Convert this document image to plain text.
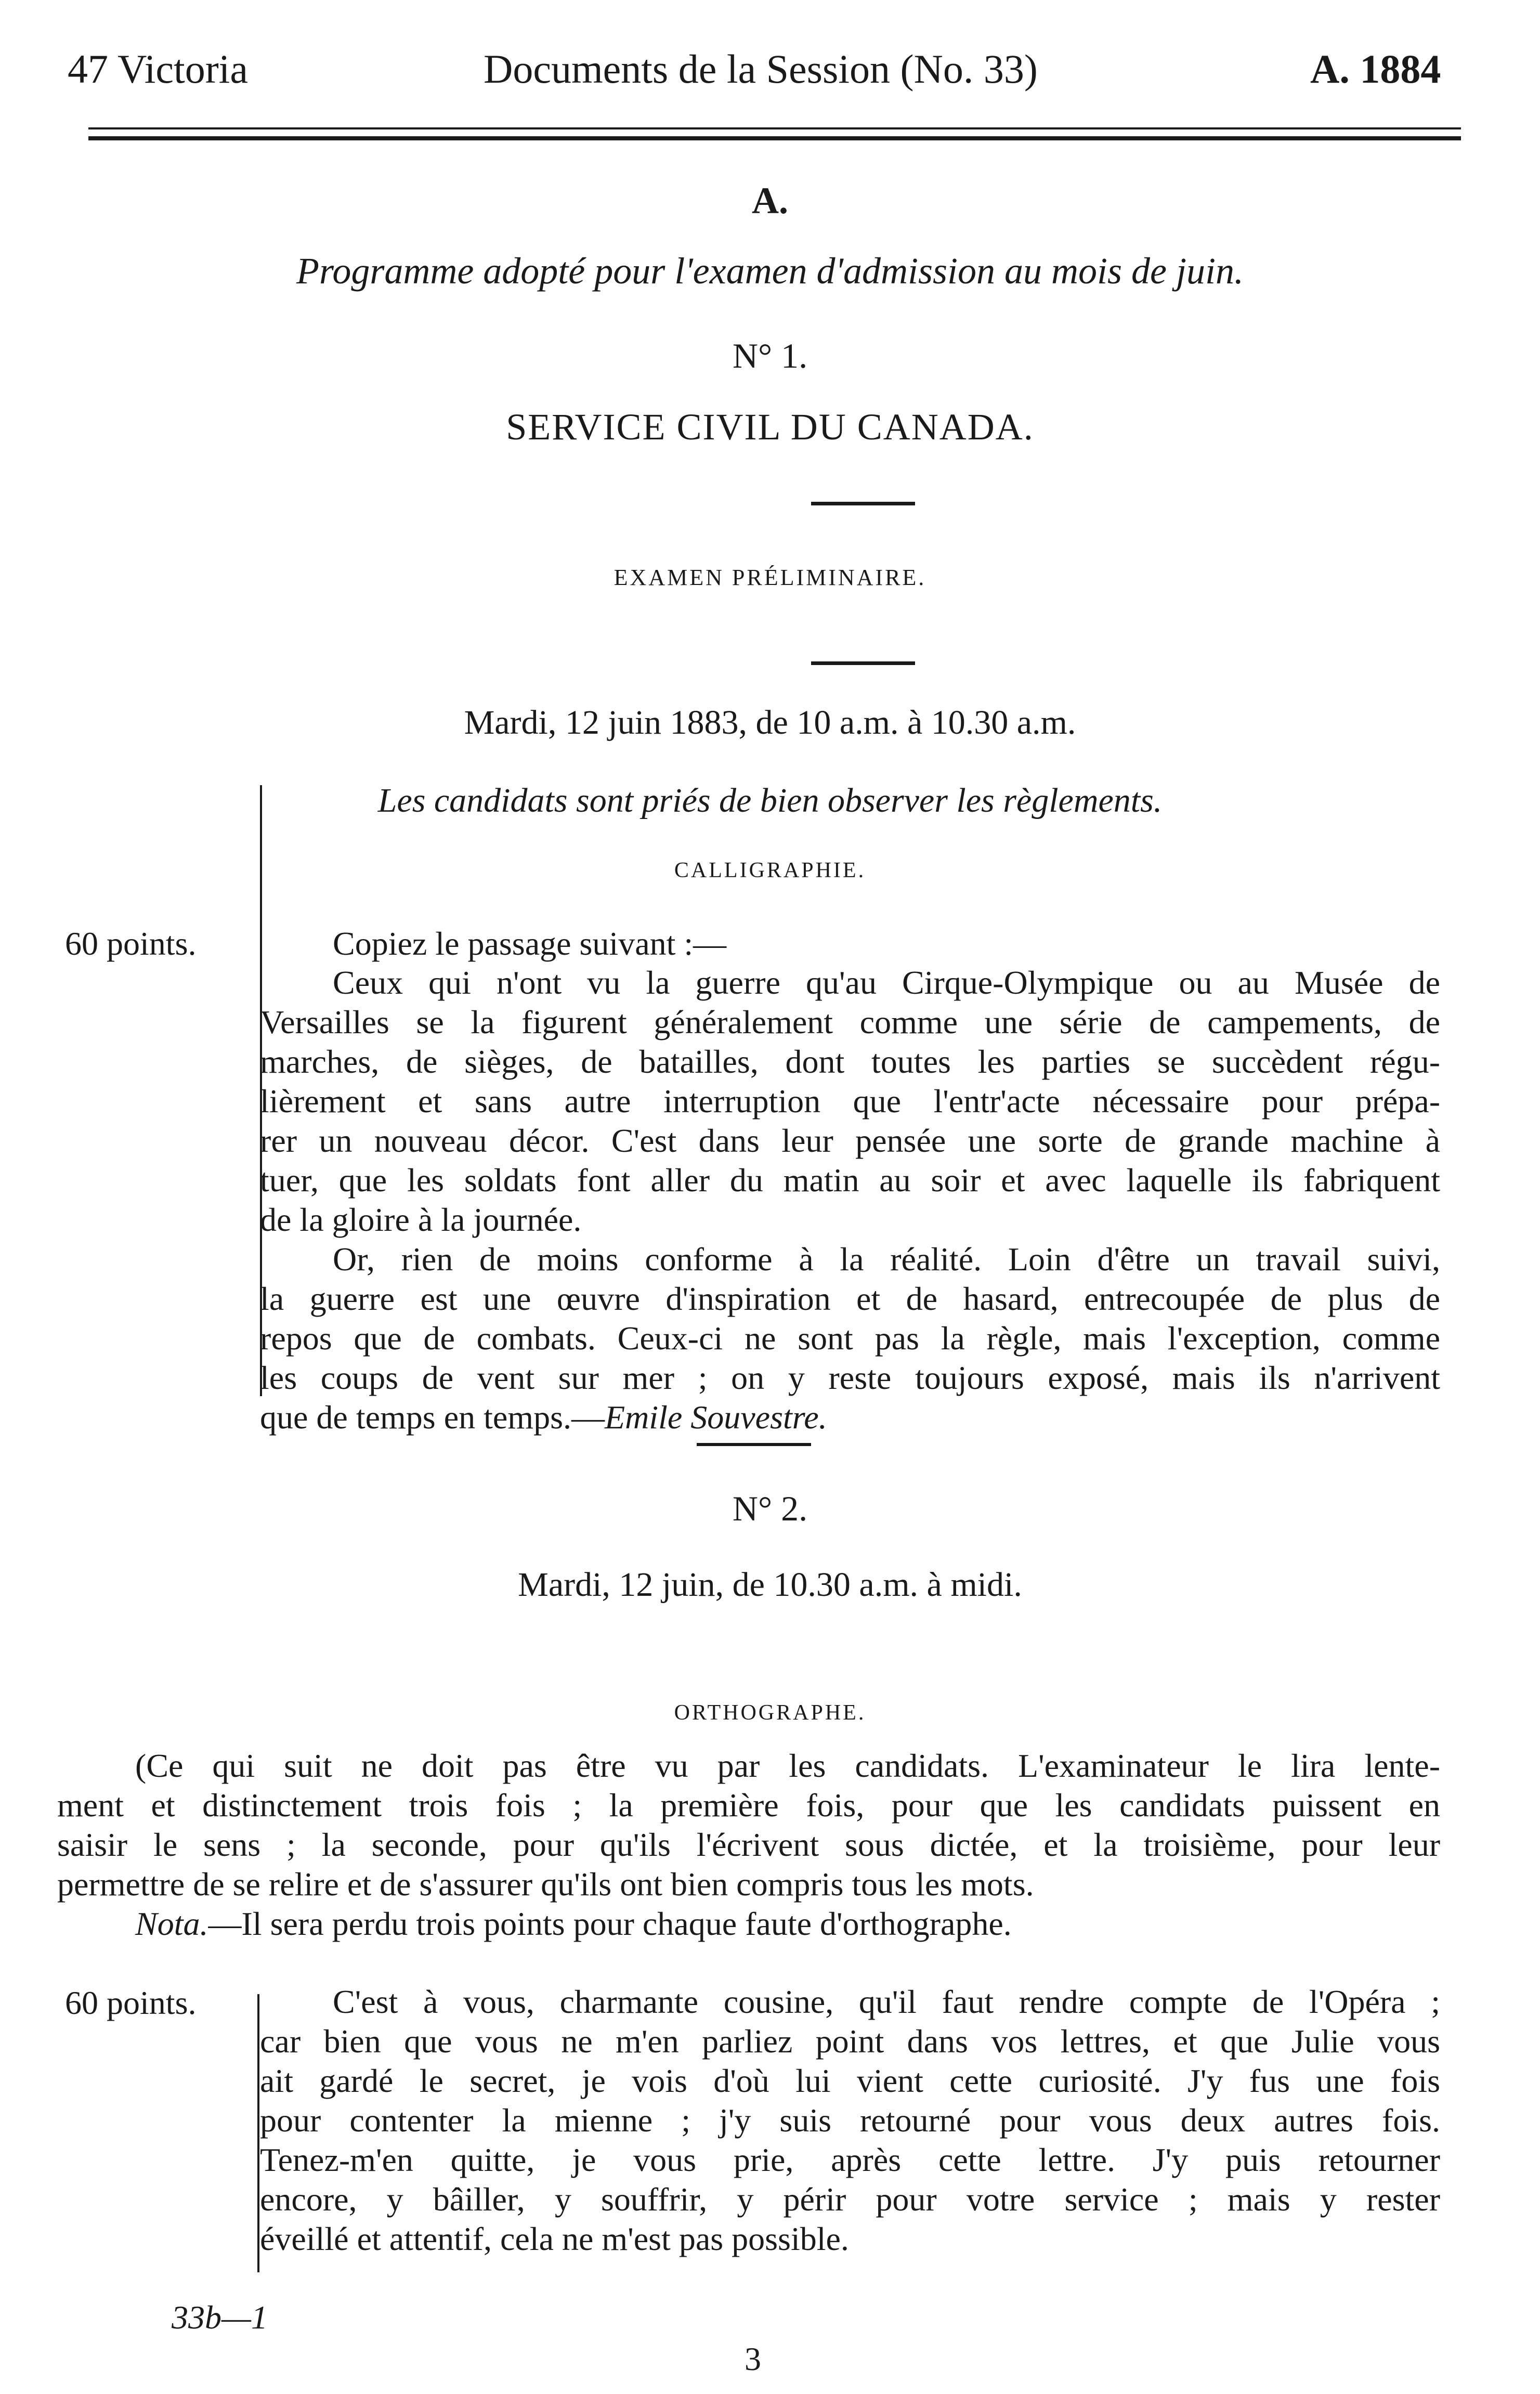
47 Victoria	Documents de la Session (No. 33)	A. 1884
A.
Programme adopté pour l'examen d'admission au mois de juin.
N° 1.
SERVICE CIVIL DU CANADA.
EXAMEN PRÉLIMINAIRE.
Mardi, 12 juin 1883, de 10 a.m. à 10.30 a.m.
Les candidats sont priés de bien observer les règlements.
CALLIGRAPHIE.
60 points.	Copiez le passage suivant :—

Ceux qui n'ont vu la guerre qu'au Cirque-Olympique ou au Musée de

Versailles se la figurent généralement comme une série de campements, de

marches, de sièges, de batailles, dont toutes les parties se succèdent régu-

lièrement et sans autre interruption que l'entr'acte nécessaire pour prépa-

rer un nouveau décor. C'est dans leur pensée une sorte de grande machine à

tuer, que les soldats font aller du matin au soir et avec laquelle ils fabriquent

de la gloire à la journée.

Or, rien de moins conforme à la réalité. Loin d'être un travail suivi,

la guerre est une œuvre d'inspiration et de hasard, entrecoupée de plus de

repos que de combats. Ceux-ci ne sont pas la règle, mais l'exception, comme

les coups de vent sur mer ; on y reste toujours exposé, mais ils n'arrivent

que de temps en temps.—Emile Souvestre.

N° 2.
Mardi, 12 juin, de 10.30 a.m. à midi.
ORTHOGRAPHE.

(Ce qui suit ne doit pas être vu par les candidats. L'examinateur le lira lente-

ment et distinctement trois fois ; la première fois, pour que les candidats puissent en

saisir le sens ; la seconde, pour qu'ils l'écrivent sous dictée, et la troisième, pour leur

permettre de se relire et de s'assurer qu'ils ont bien compris tous les mots.

Nota.—Il sera perdu trois points pour chaque faute d'orthographe.

60 points.	C'est à vous, charmante cousine, qu'il faut rendre compte de l'Opéra ;

car bien que vous ne m'en parliez point dans vos lettres, et que Julie vous

ait gardé le secret, je vois d'où lui vient cette curiosité. J'y fus une fois

pour contenter la mienne ; j'y suis retourné pour vous deux autres fois.

Tenez-m'en quitte, je vous prie, après cette lettre. J'y puis retourner

encore, y bâiller, y souffrir, y périr pour votre service ; mais y rester

éveillé et attentif, cela ne m'est pas possible.

33b—1
3
